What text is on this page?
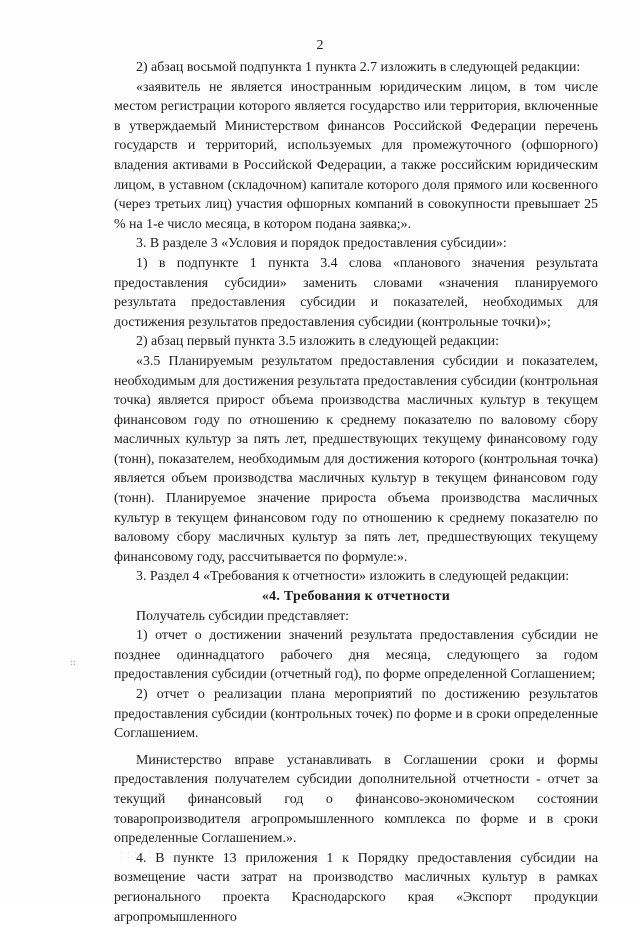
2

2) абзац восьмой подпункта 1 пункта 2.7 изложить в следующей редакции:

«заявитель не является иностранным юридическим лицом, в том числе местом регистрации которого является государство или территория, включенные в утверждаемый Министерством финансов Российской Федерации перечень государств и территорий, используемых для промежуточного (офшорного) владения активами в Российской Федерации, а также российским юридическим лицом, в уставном (складочном) капитале которого доля прямого или косвенного (через третьих лиц) участия офшорных компаний в совокупности превышает 25 % на 1-е число месяца, в котором подана заявка;».

3. В разделе 3 «Условия и порядок предоставления субсидии»:

1) в подпункте 1 пункта 3.4 слова «планового значения результата предоставления субсидии» заменить словами «значения планируемого результата предоставления субсидии и показателей, необходимых для достижения результатов предоставления субсидии (контрольные точки)»;

2) абзац первый пункта 3.5 изложить в следующей редакции:

«3.5 Планируемым результатом предоставления субсидии и показателем, необходимым для достижения результата предоставления субсидии (контрольная точка) является прирост объема производства масличных культур в текущем финансовом году по отношению к среднему показателю по валовому сбору масличных культур за пять лет, предшествующих текущему финансовому году (тонн), показателем, необходимым для достижения которого (контрольная точка) является объем производства масличных культур в текущем финансовом году (тонн). Планируемое значение прироста объема производства масличных культур в текущем финансовом году по отношению к среднему показателю по валовому сбору масличных культур за пять лет, предшествующих текущему финансовому году, рассчитывается по формуле:».

3. Раздел 4 «Требования к отчетности» изложить в следующей редакции:

«4. Требования к отчетности

Получатель субсидии представляет:

1) отчет о достижении значений результата предоставления субсидии не позднее одиннадцатого рабочего дня месяца, следующего за годом предоставления субсидии (отчетный год), по форме определенной Соглашением;

2) отчет о реализации плана мероприятий по достижению результатов предоставления субсидии (контрольных точек) по форме и в сроки определенные Соглашением.

Министерство вправе устанавливать в Соглашении сроки и формы предоставления получателем субсидии дополнительной отчетности - отчет за текущий финансовый год о финансово-экономическом состоянии товаропроизводителя агропромышленного комплекса по форме и в сроки определенные Соглашением.».

4. В пункте 13 приложения 1 к Порядку предоставления субсидии на возмещение части затрат на производство масличных культур в рамках регионального проекта Краснодарского края «Экспорт продукции агропромышленного
